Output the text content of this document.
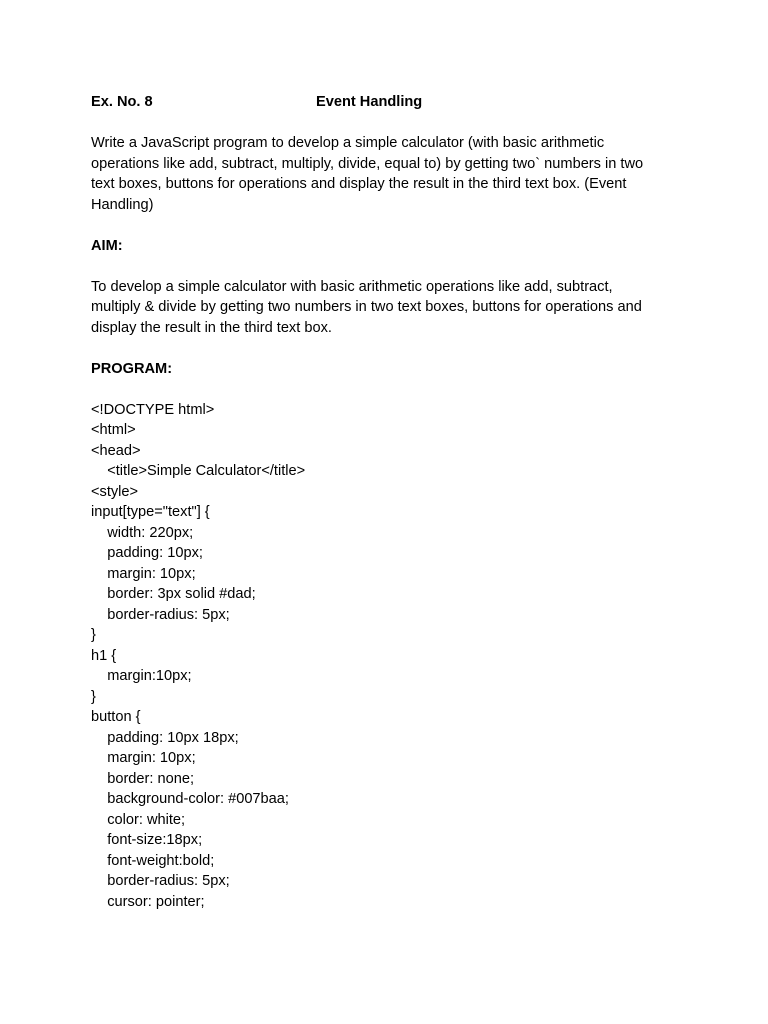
Ex. No. 8	Event Handling
Write a JavaScript program to develop a simple calculator (with basic arithmetic
operations like add, subtract, multiply, divide, equal to) by getting two` numbers in two
text boxes, buttons for operations and display the result in the third text box. (Event
Handling)
AIM:
To develop a simple calculator with basic arithmetic operations like add, subtract,
multiply & divide by getting two numbers in two text boxes, buttons for operations and
display the result in the third text box.
PROGRAM:
<!DOCTYPE html>
<html>
<head>
<title>Simple Calculator</title>
<style>
input[type="text"] {
width: 220px;
padding: 10px;
margin: 10px;
border: 3px solid #dad;
border-radius: 5px;
}
h1 {
margin:10px;
}
button {
padding: 10px 18px;
margin: 10px;
border: none;
background-color: #007baa;
color: white;
font-size:18px;
font-weight:bold;
border-radius: 5px;
cursor: pointer;
